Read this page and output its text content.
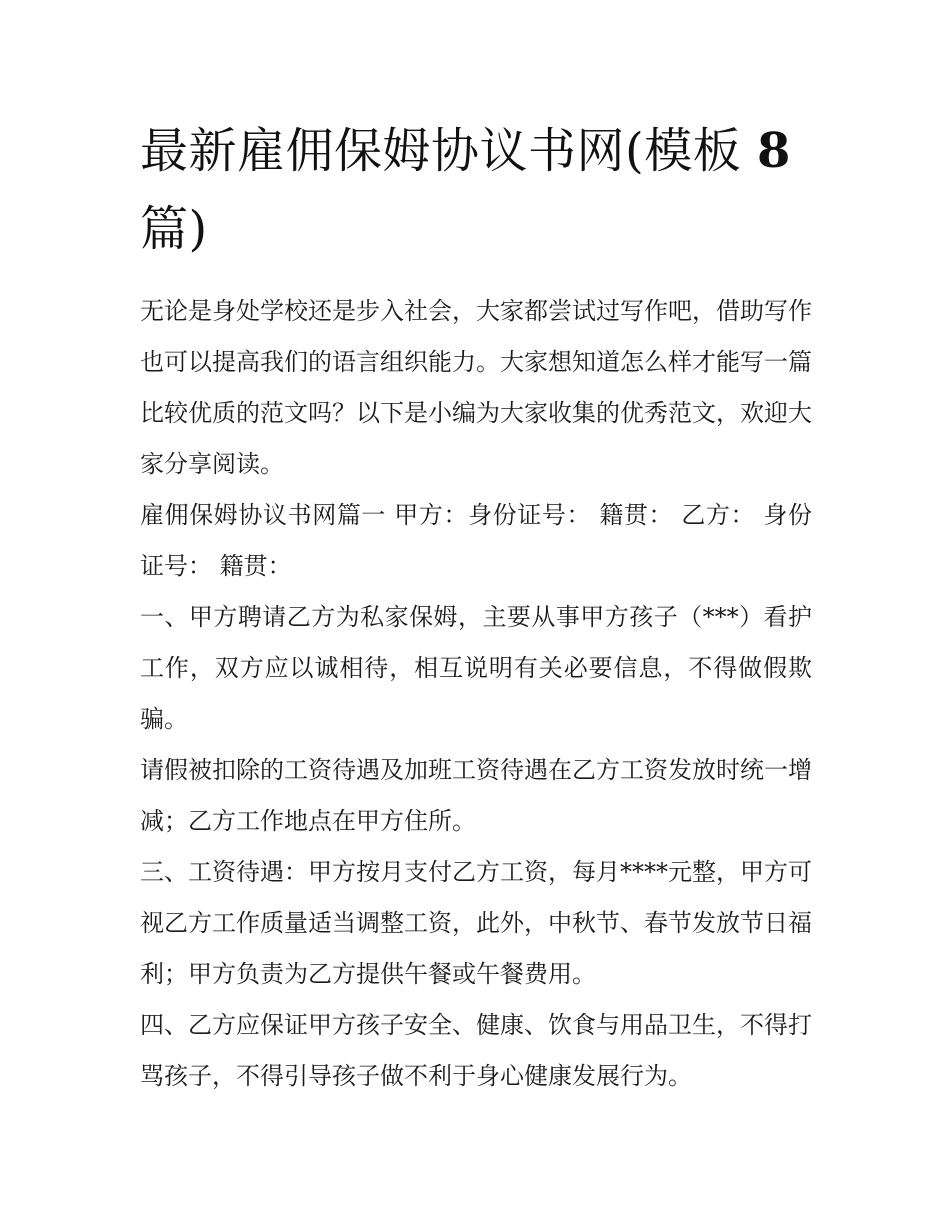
最新雇佣保姆协议书网(模板 8 篇)

无论是身处学校还是步入社会，大家都尝试过写作吧，借助写作也可以提高我们的语言组织能力。大家想知道怎么样才能写一篇比较优质的范文吗？以下是小编为大家收集的优秀范文，欢迎大家分享阅读。

雇佣保姆协议书网篇一 甲方：身份证号： 籍贯： 乙方： 身份证号： 籍贯：

一、甲方聘请乙方为私家保姆，主要从事甲方孩子（***）看护工作，双方应以诚相待，相互说明有关必要信息，不得做假欺骗。

请假被扣除的工资待遇及加班工资待遇在乙方工资发放时统一增减；乙方工作地点在甲方住所。

三、工资待遇：甲方按月支付乙方工资，每月****元整，甲方可视乙方工作质量适当调整工资，此外，中秋节、春节发放节日福利；甲方负责为乙方提供午餐或午餐费用。

四、乙方应保证甲方孩子安全、健康、饮食与用品卫生，不得打骂孩子，不得引导孩子做不利于身心健康发展行为。
